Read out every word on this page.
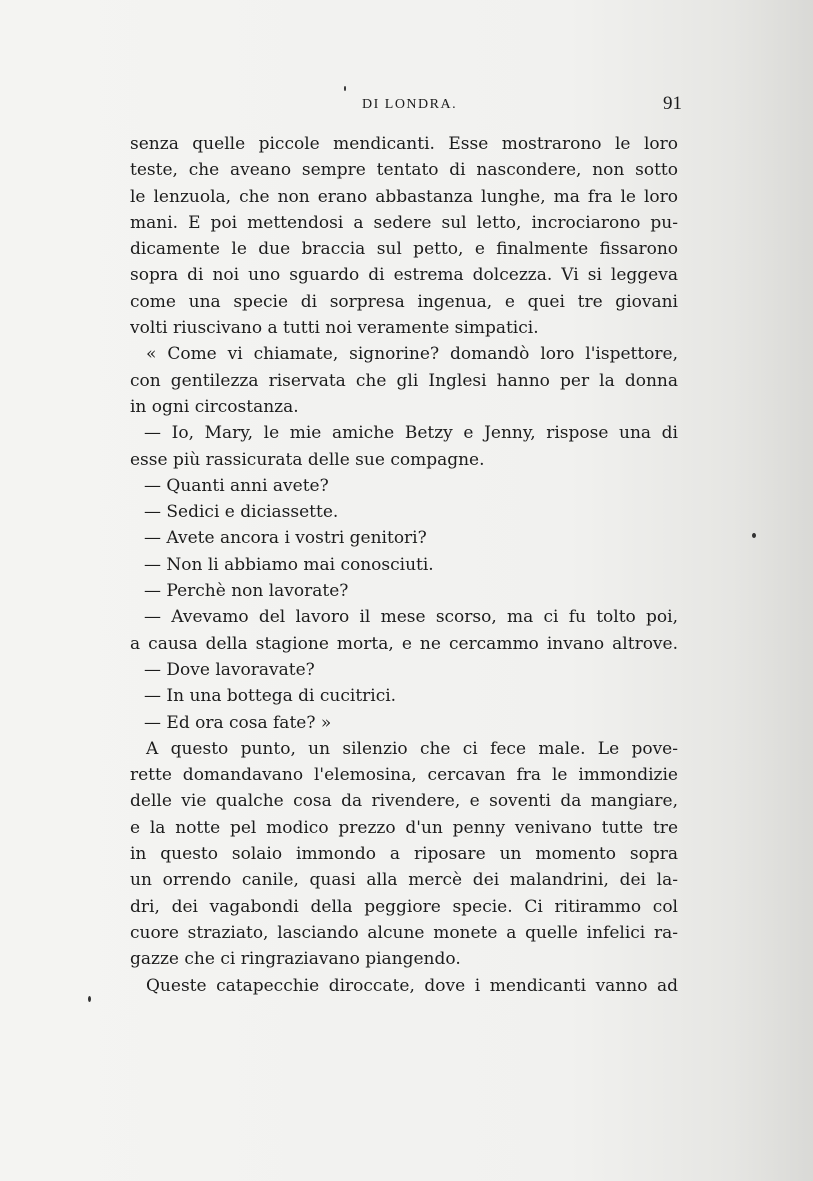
DI LONDRA.	91
senza quelle piccole mendicanti. Esse mostrarono le loro
teste, che aveano sempre tentato di nascondere, non sotto
le lenzuola, che non erano abbastanza lunghe, ma fra le loro
mani. E poi mettendosi a sedere sul letto, incrociarono pu-
dicamente le due braccia sul petto, e finalmente fissarono
sopra di noi uno sguardo di estrema dolcezza. Vi si leggeva
come una specie di sorpresa ingenua, e quei tre giovani
volti riuscivano a tutti noi veramente simpatici.
« Come vi chiamate, signorine? domandò loro l'ispettore,
con gentilezza riservata che gli Inglesi hanno per la donna
in ogni circostanza.
— Io, Mary, le mie amiche Betzy e Jenny, rispose una di
esse più rassicurata delle sue compagne.
— Quanti anni avete?
— Sedici e diciassette.
— Avete ancora i vostri genitori?
— Non li abbiamo mai conosciuti.
— Perchè non lavorate?
— Avevamo del lavoro il mese scorso, ma ci fu tolto poi,
a causa della stagione morta, e ne cercammo invano altrove.
— Dove lavoravate?
— In una bottega di cucitrici.
— Ed ora cosa fate? »
A questo punto, un silenzio che ci fece male. Le pove-
rette domandavano l'elemosina, cercavan fra le immondizie
delle vie qualche cosa da rivendere, e soventi da mangiare,
e la notte pel modico prezzo d'un penny venivano tutte tre
in questo solaio immondo a riposare un momento sopra
un orrendo canile, quasi alla mercè dei malandrini, dei la-
dri, dei vagabondi della peggiore specie. Ci ritirammo col
cuore straziato, lasciando alcune monete a quelle infelici ra-
gazze che ci ringraziavano piangendo.
Queste catapecchie diroccate, dove i mendicanti vanno ad
